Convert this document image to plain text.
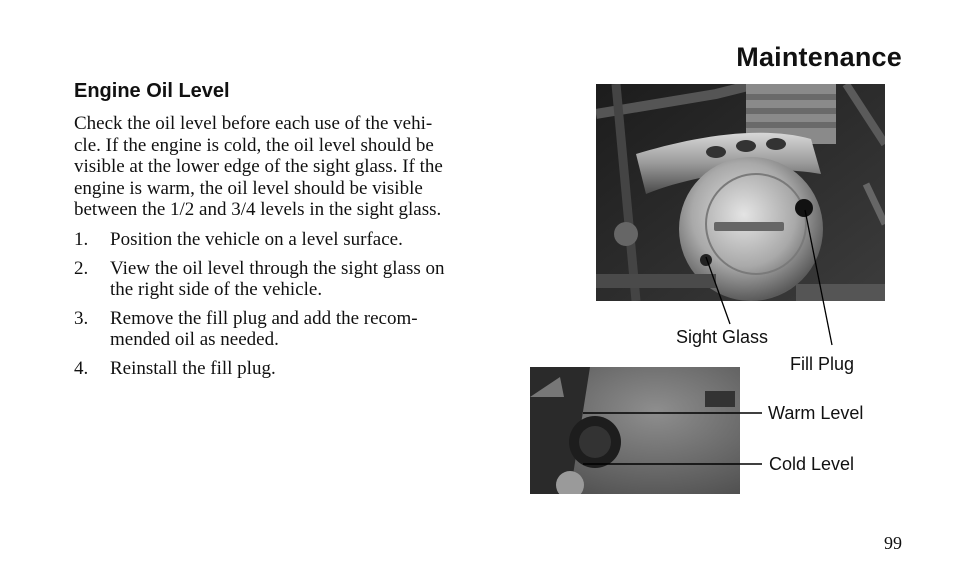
Maintenance
Engine Oil Level
Check the oil level before each use of the vehi-
cle. If the engine is cold, the oil level should be
visible at the lower edge of the sight glass. If the
engine is warm, the oil level should be visible
between the 1/2 and 3/4 levels in the sight glass.
1.	Position the vehicle on a level surface.
2.	View the oil level through the sight glass on
the right side of the vehicle.
3.	Remove the fill plug and add the recom-
mended oil as needed.
4.	Reinstall the fill plug.
Sight Glass
Fill Plug
Warm Level
Cold Level
99
